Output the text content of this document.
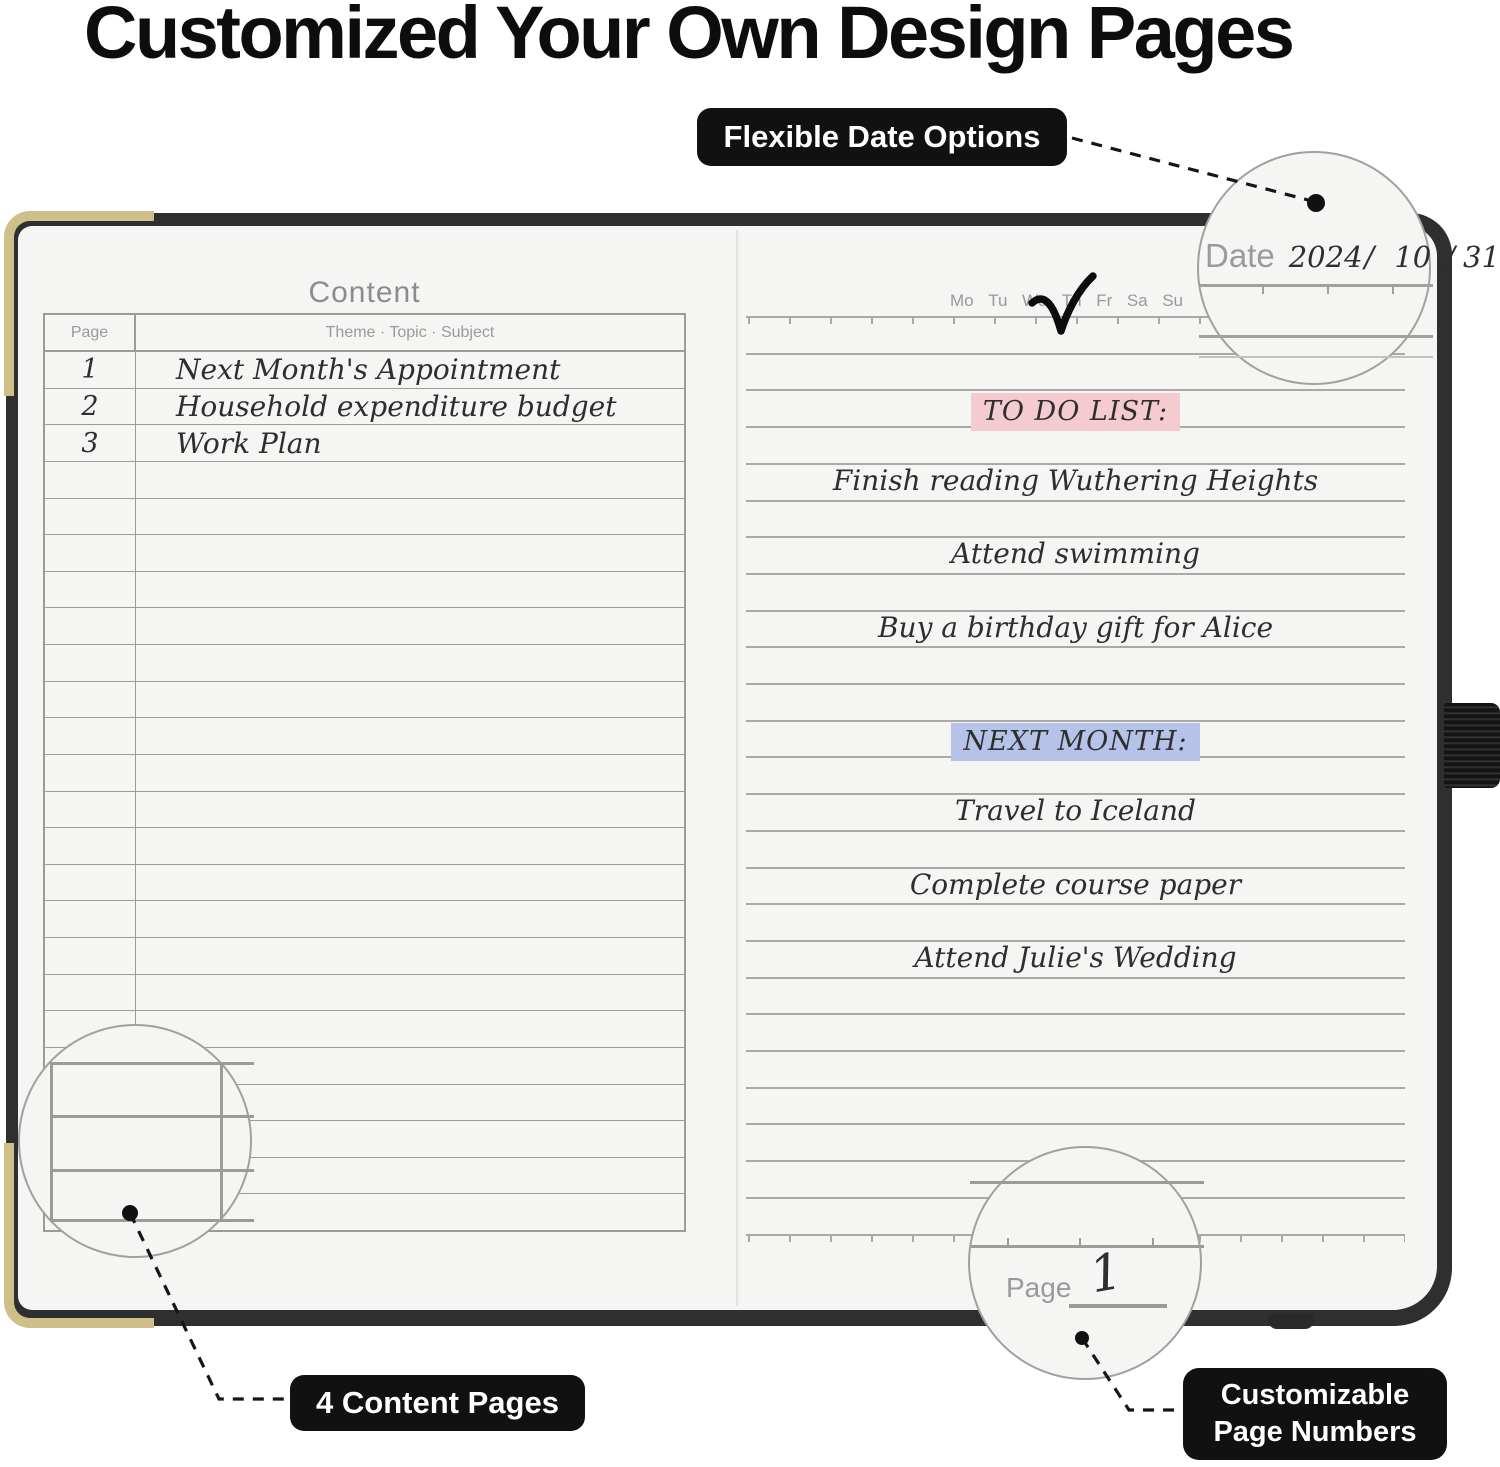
Customized Your Own Design Pages
Content
Page	Theme · Topic · Subject
1	Next Month's Appointment
2	Household expenditure budget
3	Work Plan
Mo Tu We Th Fr Sa Su
TO DO LIST:
Finish reading Wuthering Heights
Attend swimming
Buy a birthday gift for Alice
NEXT MONTH:
Travel to Iceland
Complete course paper
Attend Julie's Wedding
Date 2024 / 10 / 31
Page 1
Flexible Date Options
4 Content Pages	Customizable
Page Numbers
